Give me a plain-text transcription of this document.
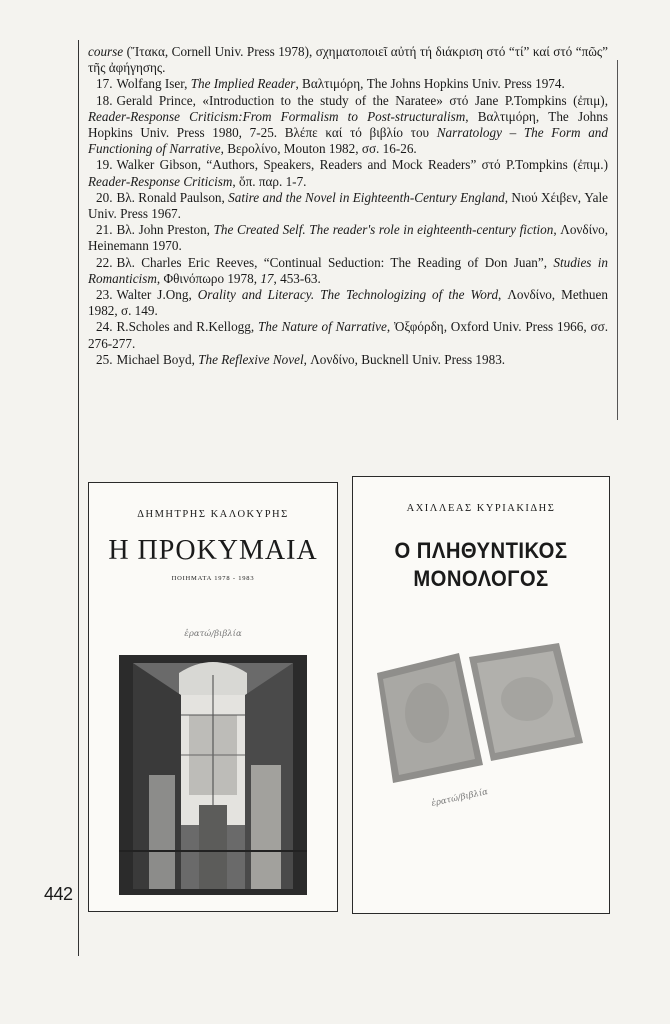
course (Ἴτακα, Cornell Univ. Press 1978), σχηματοποιεῖ αὐτή τή διάκριση στό “τί” καί στό “πῶς” τῆς ἀφήγησης.

17. Wolfang Iser, The Implied Reader, Βαλτιμόρη, The Johns Hopkins Univ. Press 1974.

18. Gerald Prince, «Introduction to the study of the Naratee» στό Jane P.Tompkins (ἐπιμ), Reader-Response Criticism:From Formalism to Post-structuralism, Βαλτιμόρη, The Johns Hopkins Univ. Press 1980, 7-25. Βλέπε καί τό βιβλίο του Narratology – The Form and Functioning of Narrative, Βερολίνο, Mouton 1982, σσ. 16-26.

19. Walker Gibson, “Authors, Speakers, Readers and Mock Readers” στό P.Tompkins (ἐπιμ.) Reader-Response Criticism, ὅπ. παρ. 1-7.

20. Βλ. Ronald Paulson, Satire and the Novel in Eighteenth-Century England, Νιού Χέιβεν, Yale Univ. Press 1967.

21. Βλ. John Preston, The Created Self. The reader's role in eighteenth-century fiction, Λονδίνο, Heinemann 1970.

22. Βλ. Charles Eric Reeves, “Continual Seduction: The Reading of Don Juan”, Studies in Romanticism, Φθινόπωρο 1978, 17, 453-63.

23. Walter J.Ong, Orality and Literacy. The Technologizing of the Word, Λονδίνο, Methuen 1982, σ. 149.

24. R.Scholes and R.Kellogg, The Nature of Narrative, Ὀξφόρδη, Oxford Univ. Press 1966, σσ. 276-277.

25. Michael Boyd, The Reflexive Novel, Λονδίνο, Bucknell Univ. Press 1983.

442
ΔΗΜΗΤΡΗΣ ΚΑΛΟΚΥΡΗΣ
Η ΠΡΟΚΥΜΑΙΑ
ΠΟΙΗΜΑΤΑ 1978 - 1983
ἐρατώ/βιβλία
ΑΧΙΛΛΕΑΣ ΚΥΡΙΑΚΙΔΗΣ
Ο ΠΛΗΘΥΝΤΙΚΟΣ
ΜΟΝΟΛΟΓΟΣ
ἐρατώ/βιβλία
